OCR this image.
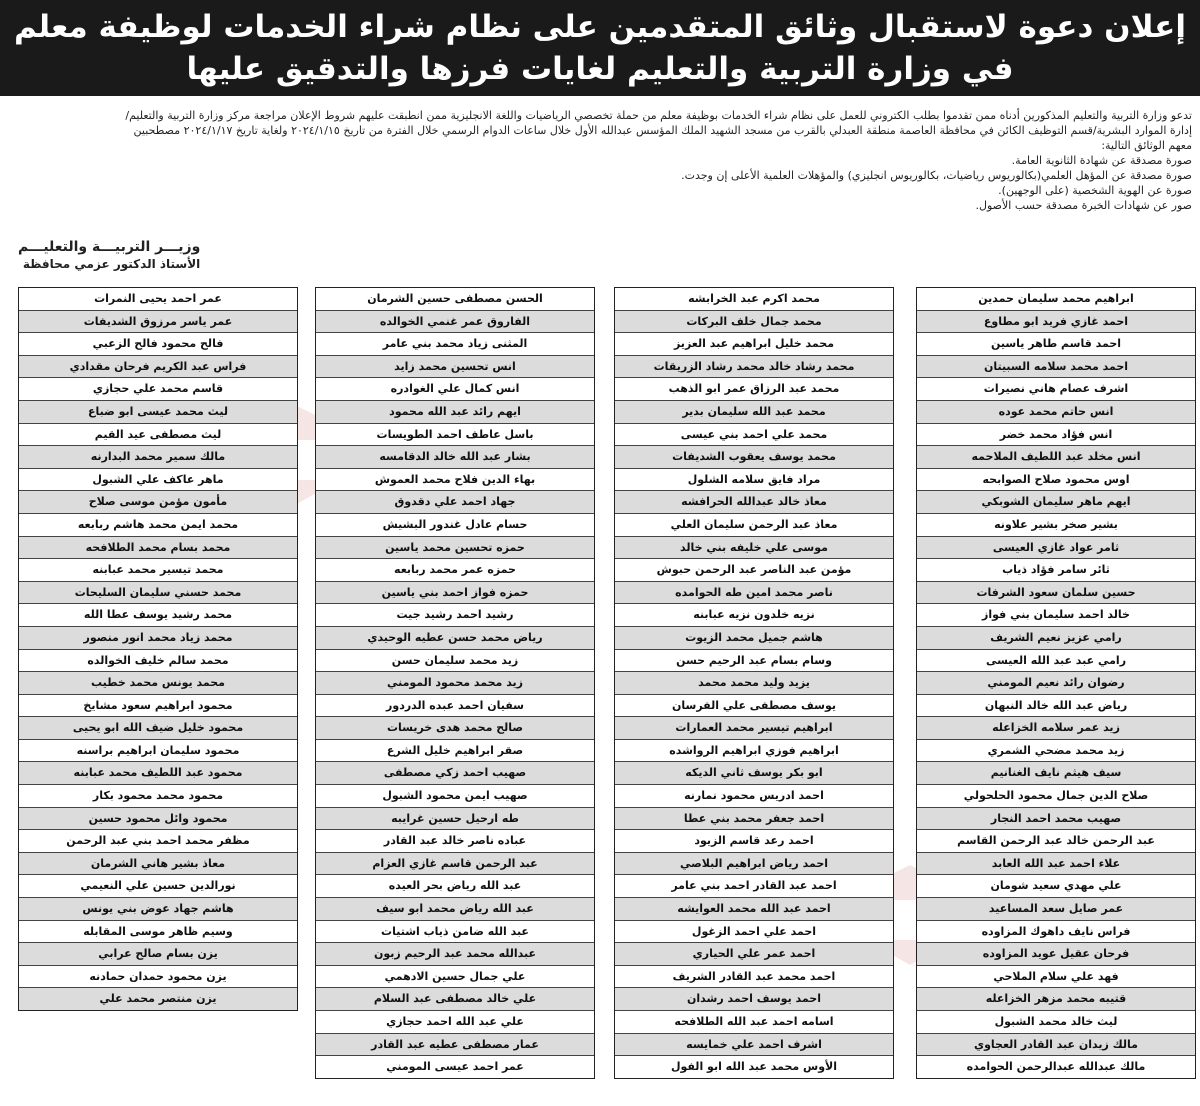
إعلان دعوة لاستقبال وثائق المتقدمين على نظام شراء الخدمات لوظيفة معلم
في وزارة التربية والتعليم لغايات فرزها والتدقيق عليها

تدعو وزارة التربية والتعليم المذكورين أدناه ممن تقدموا بطلب الكتروني للعمل على نظام شراء الخدمات بوظيفة معلم من حملة تخصصي الرياضيات واللغة الانجليزية ممن انطبقت عليهم شروط الإعلان مراجعة مركز وزارة التربية والتعليم/

إدارة الموارد البشرية/قسم التوظيف الكائن في محافظة العاصمة منطقة العبدلي بالقرب من مسجد الشهيد الملك المؤسس عبدالله الأول خلال ساعات الدوام الرسمي خلال الفترة من تاريخ ٢٠٢٤/١/١٥ ولغاية تاريخ ٢٠٢٤/١/١٧ مصطحبين

معهم الوثائق التالية:

صورة مصدقة عن شهادة الثانوية العامة.

صورة مصدقة عن المؤهل العلمي(بكالوريوس رياضيات، بكالوريوس انجليزي) والمؤهلات العلمية الأعلى إن وجدت.

صورة عن الهوية الشخصية (على الوجهين).

صور عن شهادات الخبرة مصدقة حسب الأصول.

وزيـــر التربيـــة والتعليـــم
الأستاذ الدكتور عزمي محافظة
ابراهيم محمد سليمان حمدين
احمد غازي فريد ابو مطاوع
احمد قاسم طاهر ياسين
احمد محمد سلامه السبيتان
اشرف عصام هاني نصيرات
انس حاتم محمد عوده
انس فؤاد محمد خضر
انس مخلد عبد اللطيف الملاحمه
اوس محمود صلاح الصوابحه
ايهم ماهر سليمان الشوبكي
بشير صخر بشير علاونه
ثامر عواد غازي العيسى
ثائر سامر فؤاد ذياب
حسين سلمان سعود الشرفات
خالد احمد سليمان بني فواز
رامي عزيز نعيم الشريف
رامي عبد عبد الله العيسى
رضوان رائد نعيم المومني
رياض عبد الله خالد النبهان
زيد عمر سلامه الخزاعله
زيد محمد مضحي الشمري
سيف هيثم نايف الغنانيم
صلاح الدين جمال محمود الحلحولي
صهيب محمد احمد النجار
عبد الرحمن خالد عبد الرحمن القاسم
علاء احمد عبد الله العابد
علي مهدي سعيد شومان
عمر صايل سعد المساعيد
فراس نايف داهوك المزاوده
فرحان عقيل عويد المزاوده
فهد علي سلام الملاحي
قتيبه محمد مزهر الخزاعله
ليث خالد محمد الشبول
مالك زيدان عبد القادر العجاوي
مالك عبدالله عبدالرحمن الحوامده
محمد اكرم عبد الخرابشه
محمد جمال خلف البركات
محمد خليل ابراهيم عبد العزيز
محمد رشاد خالد محمد رشاد الزريقات
محمد عبد الرزاق عمر ابو الذهب
محمد عبد الله سليمان بدير
محمد علي احمد بني عيسى
محمد يوسف يعقوب الشديفات
مراد فايق سلامه الشلول
معاذ خالد عبدالله الحرافشه
معاذ عبد الرحمن سليمان العلي
موسى علي خليفه بني خالد
مؤمن عبد الناصر عبد الرحمن حبوش
ناصر محمد امين طه الحوامده
نزيه خلدون نزيه عبابنه
هاشم جميل محمد الزيوت
وسام بسام عبد الرحيم حسن
يزيد وليد محمد محمد
يوسف مصطفى علي الفرسان
ابراهيم تيسير محمد العمارات
ابراهيم فوزي ابراهيم الرواشده
ابو بكر يوسف ثاني الديكه
احمد ادريس محمود نمارنه
احمد جعفر محمد بني عطا
احمد رعد قاسم الزيود
احمد رياض ابراهيم البلاصي
احمد عبد القادر احمد بني عامر
احمد عبد الله محمد العوايشه
احمد علي احمد الزغول
احمد عمر علي الحياري
احمد محمد عبد القادر الشريف
احمد يوسف احمد رشدان
اسامه احمد عبد الله الطلافحه
اشرف احمد علي خمايسه
الأوس محمد عبد الله ابو الفول
الحسن مصطفى حسين الشرمان
الفاروق عمر غنمي الخوالده
المثنى زياد محمد بني عامر
انس تحسين محمد زايد
انس كمال علي الغوادره
ايهم رائد عبد الله محمود
باسل عاطف احمد الطويسات
بشار عبد الله خالد الدقامسه
بهاء الدين فلاح محمد العموش
جهاد احمد علي دقدوق
حسام عادل غندور البشيش
حمزه تحسين محمد ياسين
حمزه عمر محمد ربابعه
حمزه فواز احمد بني ياسين
رشيد احمد رشيد جيت
رياض محمد حسن عطيه الوحيدي
زيد محمد سليمان حسن
زيد محمد محمود المومني
سفيان احمد عبده الدردور
صالح محمد هدى خريسات
صقر ابراهيم خليل الشرع
صهيب احمد زكي مصطفى
صهيب ايمن محمود الشبول
طه ارحيل حسين غرايبه
عباده ناصر خالد عبد القادر
عبد الرحمن قاسم غازي العزام
عبد الله رياض بحر العيده
عبد الله رياض محمد ابو سيف
عبد الله ضامن ذياب اشتيات
عبدالله محمد عبد الرحيم زبون
علي جمال حسين الادهمي
علي خالد مصطفى عبد السلام
علي عبد الله احمد حجازي
عمار مصطفى عطيه عبد القادر
عمر احمد عيسى المومني
عمر احمد يحيى النمرات
عمر ياسر مرزوق الشديفات
فالح محمود فالح الزعبي
فراس عبد الكريم فرحان مقدادي
قاسم محمد علي حجازي
ليث محمد عيسى ابو ضباع
ليث مصطفى عيد القيم
مالك سمير محمد البدارنه
ماهر عاكف علي الشبول
مأمون مؤمن موسى صلاح
محمد ايمن محمد هاشم ربابعه
محمد بسام محمد الطلافحه
محمد تيسير محمد عبابنه
محمد حسني سليمان السليحات
محمد رشيد يوسف عطا الله
محمد زياد محمد انور منصور
محمد سالم خليف الخوالده
محمد يونس محمد خطيب
محمود ابراهيم سعود مشايخ
محمود خليل ضيف الله ابو يحيى
محمود سليمان ابراهيم براسنه
محمود عبد اللطيف محمد عبابنه
محمود محمد محمود بكار
محمود وائل محمود حسين
مظفر محمد احمد بني عبد الرحمن
معاذ بشير هاني الشرمان
نورالدين حسين علي النعيمي
هاشم جهاد عوض بني يونس
وسيم ظاهر موسى المقابله
يزن بسام صالح عرابي
يزن محمود حمدان حمادنه
يزن منتصر محمد علي
